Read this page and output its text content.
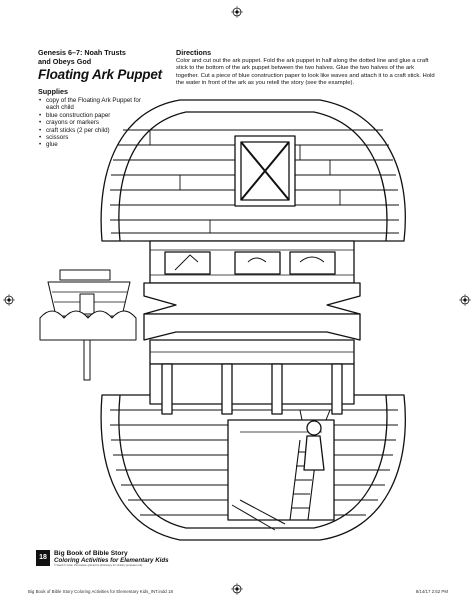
Genesis 6–7: Noah Trusts
and Obeys God
Floating Ark Puppet
Supplies
• copy of the Floating Ark Puppet for each child
• blue construction paper
• crayons or markers
• craft sticks (2 per child)
• scissors
• glue
Directions
Color and cut out the ark puppet. Fold the ark puppet in half along the dotted line and glue a craft stick to the bottom of the ark puppet between the two halves. Glue the two halves of the ark together. Cut a piece of blue construction paper to look like waves and attach it to a craft stick. Hold the water in front of the ark as you retell the story (see the example).
18
Big Book of Bible Story
Coloring Activities for Elementary Kids
© David C Cook. Permission granted to photocopy for ministry purposes only.
Big Book of Bible Story Coloring Activities for Elementary Kids_INT.indd 18	8/14/17 2:52 PM
